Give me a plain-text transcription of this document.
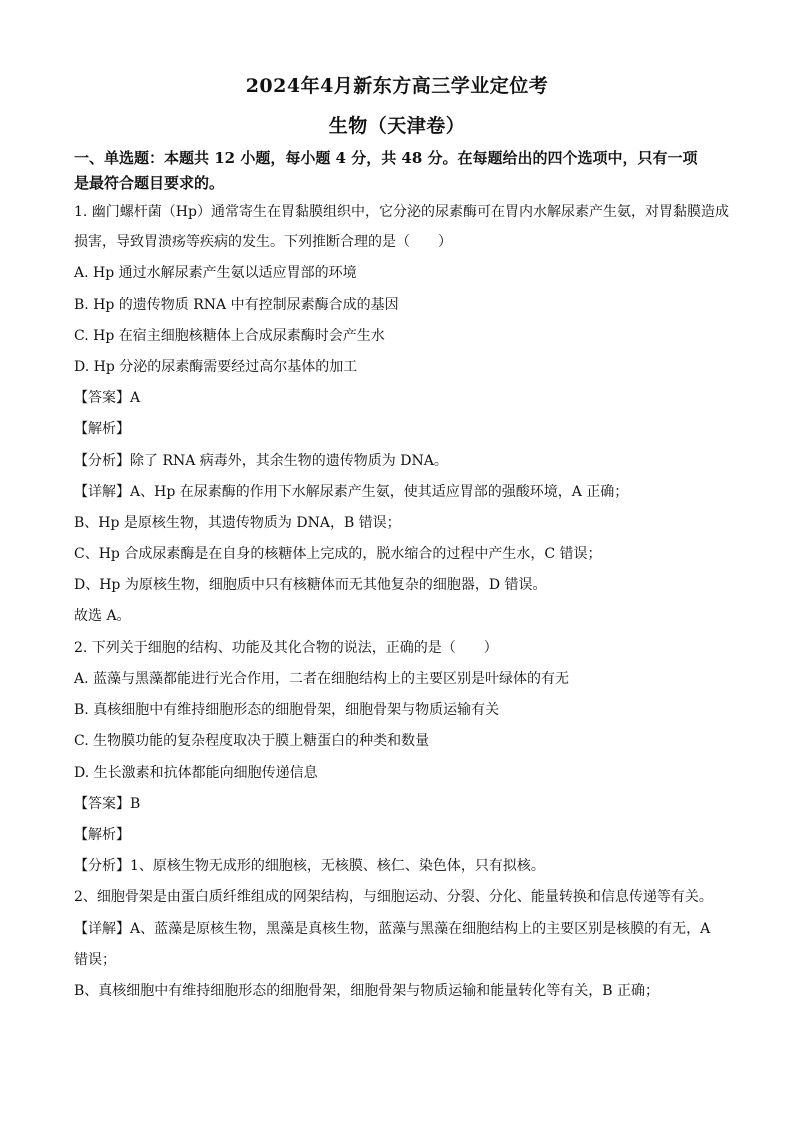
2024年4月新东方高三学业定位考
生物（天津卷）
一、单选题：本题共 12 小题，每小题 4 分，共 48 分。在每题给出的四个选项中，只有一项
是最符合题目要求的。
1. 幽门螺杆菌（Hp）通常寄生在胃黏膜组织中，它分泌的尿素酶可在胃内水解尿素产生氨，对胃黏膜造成
损害，导致胃溃疡等疾病的发生。下列推断合理的是（　　）
A. Hp 通过水解尿素产生氨以适应胃部的环境
B. Hp 的遗传物质 RNA 中有控制尿素酶合成的基因
C. Hp 在宿主细胞核糖体上合成尿素酶时会产生水
D. Hp 分泌的尿素酶需要经过高尔基体的加工
【答案】A
【解析】
【分析】除了 RNA 病毒外，其余生物的遗传物质为 DNA。
【详解】A、Hp 在尿素酶的作用下水解尿素产生氨，使其适应胃部的强酸环境，A 正确；
B、Hp 是原核生物，其遗传物质为 DNA，B 错误；
C、Hp 合成尿素酶是在自身的核糖体上完成的，脱水缩合的过程中产生水，C 错误；
D、Hp 为原核生物，细胞质中只有核糖体而无其他复杂的细胞器，D 错误。
故选 A。
2. 下列关于细胞的结构、功能及其化合物的说法，正确的是（　　）
A. 蓝藻与黑藻都能进行光合作用，二者在细胞结构上的主要区别是叶绿体的有无
B. 真核细胞中有维持细胞形态的细胞骨架，细胞骨架与物质运输有关
C. 生物膜功能的复杂程度取决于膜上糖蛋白的种类和数量
D. 生长激素和抗体都能向细胞传递信息
【答案】B
【解析】
【分析】1、原核生物无成形的细胞核，无核膜、核仁、染色体，只有拟核。
2、细胞骨架是由蛋白质纤维组成的网架结构，与细胞运动、分裂、分化、能量转换和信息传递等有关。
【详解】A、蓝藻是原核生物，黑藻是真核生物，蓝藻与黑藻在细胞结构上的主要区别是核膜的有无，A
错误；
B、真核细胞中有维持细胞形态的细胞骨架，细胞骨架与物质运输和能量转化等有关，B 正确；
